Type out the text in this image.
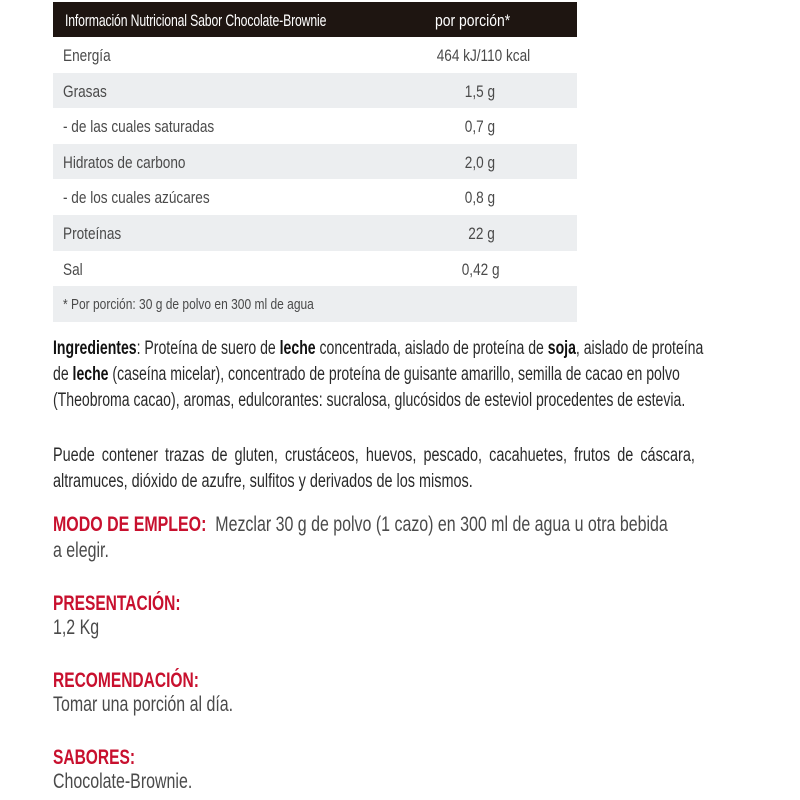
Información Nutricional Sabor Chocolate-Brownie	por porción*
Energía	464 kJ/110 kcal
Grasas	1,5 g
- de las cuales saturadas	0,7 g
Hidratos de carbono	2,0 g
- de los cuales azúcares	0,8 g
Proteínas	22 g
Sal	0,42 g
* Por porción: 30 g de polvo en 300 ml de agua
Ingredientes: Proteína de suero de leche concentrada, aislado de proteína de soja, aislado de proteína
de leche (caseína micelar), concentrado de proteína de guisante amarillo, semilla de cacao en polvo
(Theobroma cacao), aromas, edulcorantes: sucralosa, glucósidos de esteviol procedentes de estevia.
Puede contener trazas de gluten, crustáceos, huevos, pescado, cacahuetes, frutos de cáscara,
altramuces, dióxido de azufre, sulfitos y derivados de los mismos.
MODO DE EMPLEO: Mezclar 30 g de polvo (1 cazo) en 300 ml de agua u otra bebida
a elegir.
PRESENTACIÓN:
1,2 Kg
RECOMENDACIÓN:
Tomar una porción al día.
SABORES:
Chocolate-Brownie.
